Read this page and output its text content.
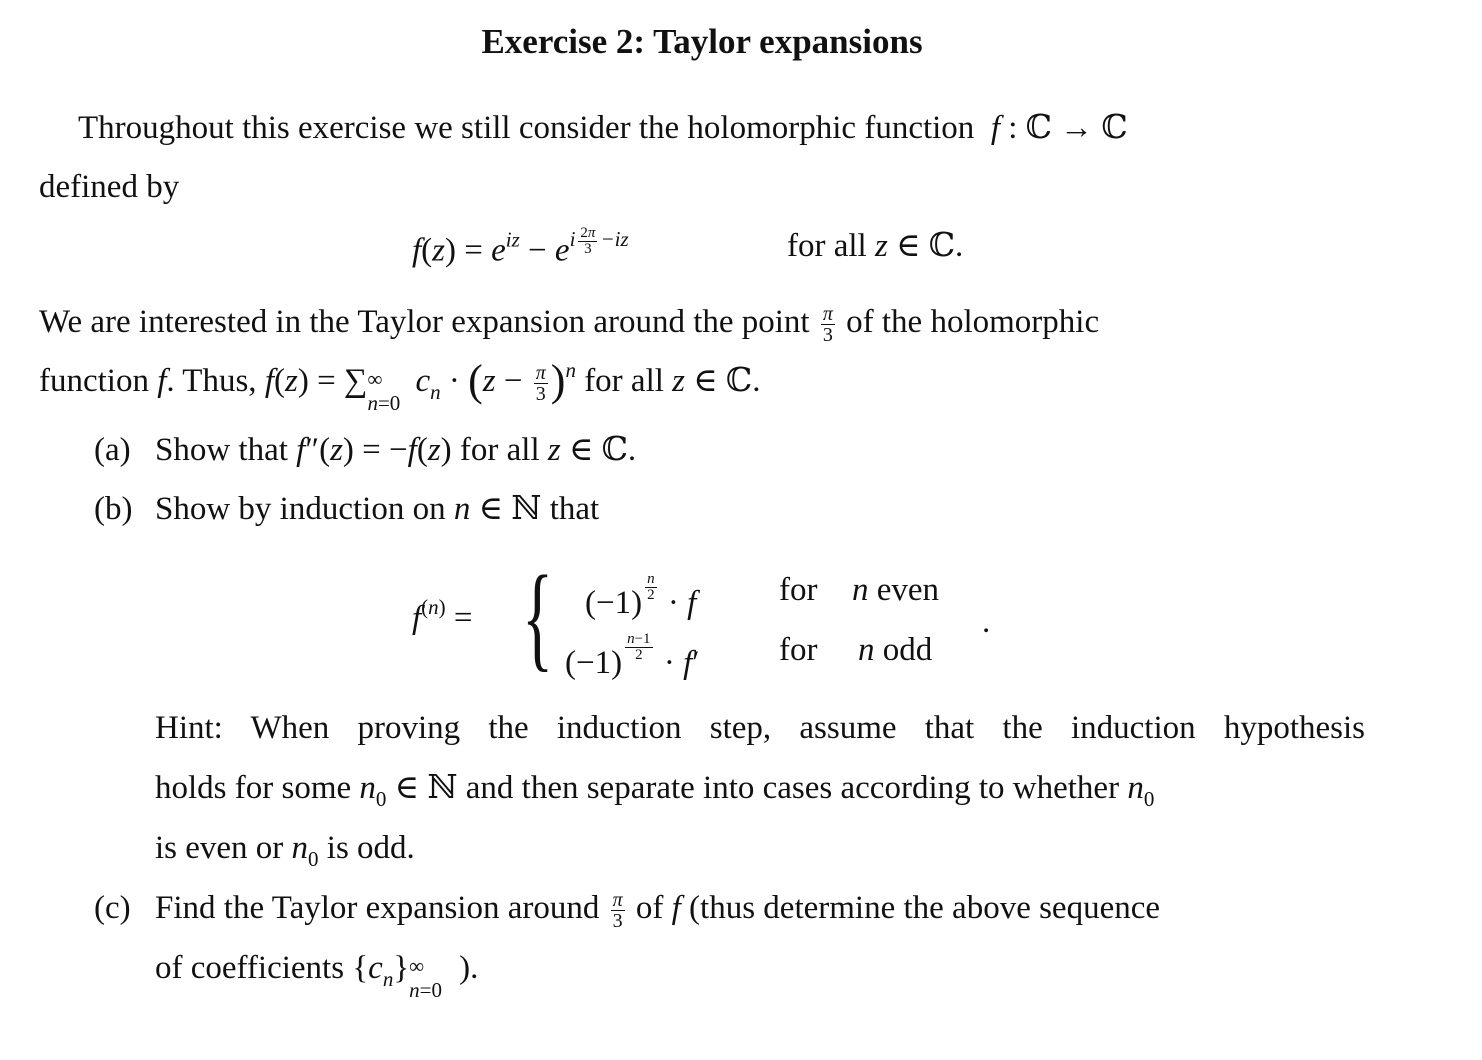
Exercise 2: Taylor expansions
Throughout this exercise we still consider the holomorphic function  f : ℂ → ℂ
defined by
$f(z) = e^{iz} - e^{i \frac{2\pi}{3} -iz}$	for all z ∈ ℂ.
We are interested in the Taylor expansion around the point $\frac{\pi}{3}$ of the holomorphic
function f. Thus, f(z) = ∑ ∞
n=0
$c_n \cdot (z - \frac{\pi}{3} )^n$ for all z ∈ ℂ.
(a) Show that f″(z) = −f(z) for all z ∈ ℂ.
(b) Show by induction on n ∈ ℕ that
$f^{(n)}$ = { (−1) $^{\frac{n}{2}}$ · f	for n even
(−1) $^{\frac{n-1}{2}}$ · f′ for n odd
.
Hint: When proving the induction step, assume that the induction hypothesis
holds for some $n_0$ ∈ ℕ and then separate into cases according to whether $n_0$
is even or $n_0$ is odd.
(c) Find the Taylor expansion around $\frac{\pi}{3}$ of f (thus determine the above sequence
of coefficients $\{c_n\}$ ∞
n=0
).
